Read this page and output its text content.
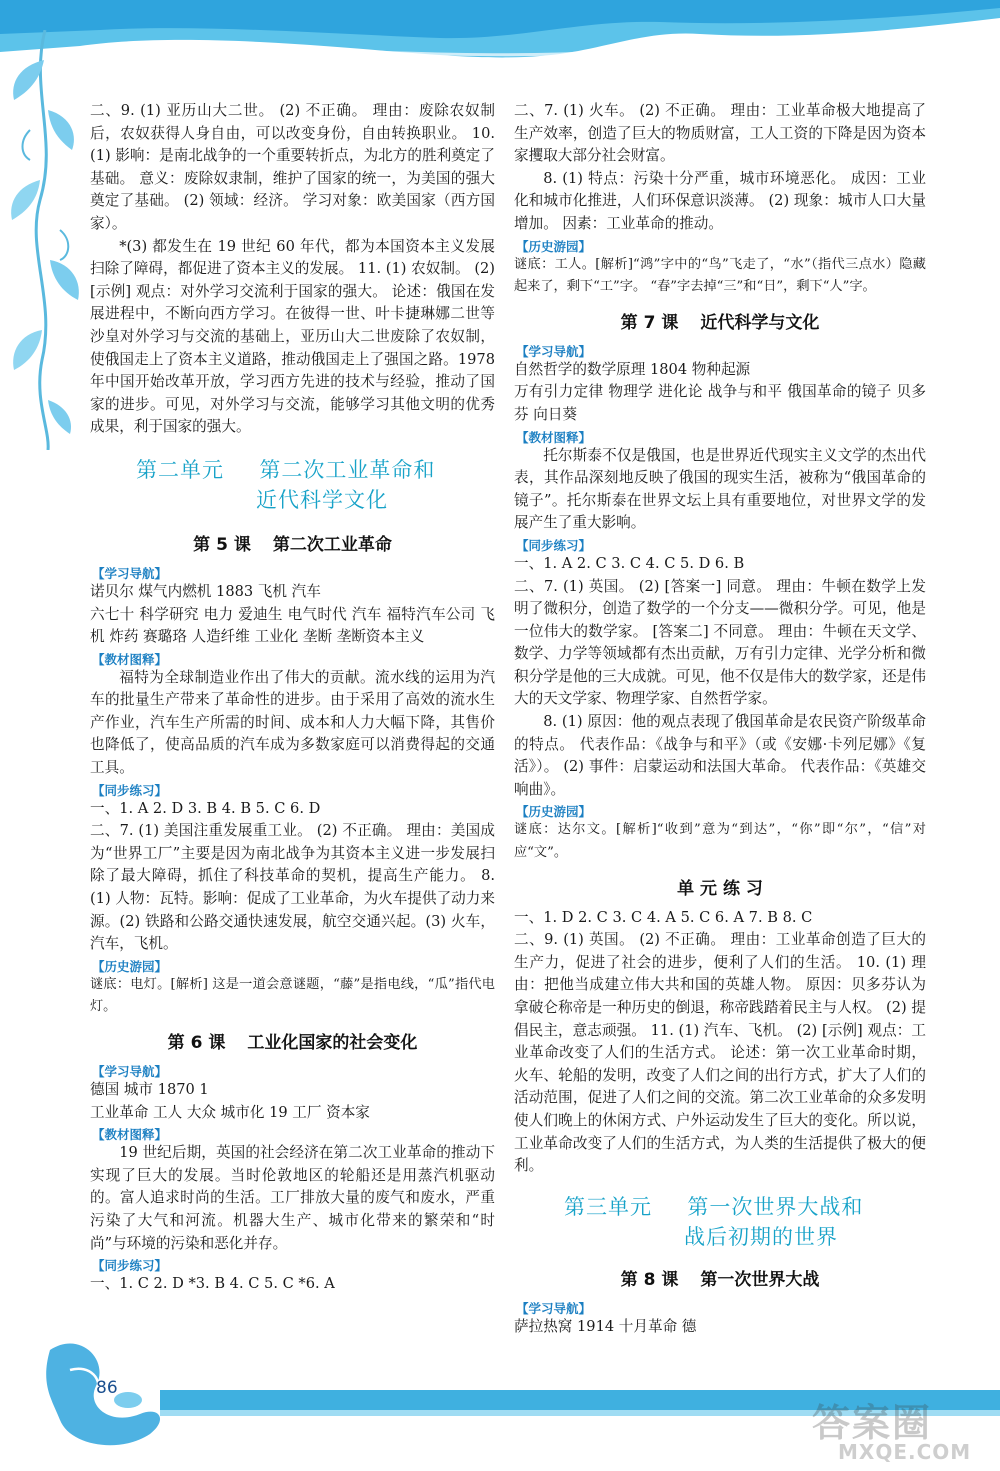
86

二、9. (1) 亚历山大二世。 (2) 不正确。 理由：废除农奴制后，农奴获得人身自由，可以改变身份，自由转换职业。 10. (1) 影响：是南北战争的一个重要转折点，为北方的胜利奠定了基础。 意义：废除奴隶制，维护了国家的统一，为美国的强大奠定了基础。 (2) 领域：经济。 学习对象：欧美国家（西方国家）。

*(3) 都发生在 19 世纪 60 年代，都为本国资本主义发展扫除了障碍，都促进了资本主义的发展。 11. (1) 农奴制。 (2) [示例] 观点：对外学习交流利于国家的强大。 论述：俄国在发展进程中，不断向西方学习。在彼得一世、叶卡捷琳娜二世等沙皇对外学习与交流的基础上，亚历山大二世废除了农奴制，使俄国走上了资本主义道路，推动俄国走上了强国之路。1978 年中国开始改革开放，学习西方先进的技术与经验，推动了国家的进步。可见，对外学习与交流，能够学习其他文明的优秀成果，利于国家的强大。

第二单元 第二次工业革命和
近代科学文化
第 5 课 第二次工业革命
【 学习导航 】

诺贝尔 煤气内燃机 1883 飞机 汽车

六七十 科学研究 电力 爱迪生 电气时代 汽车 福特汽车公司 飞机 炸药 赛璐珞 人造纤维 工业化 垄断 垄断资本主义

【 教材图释 】

福特为全球制造业作出了伟大的贡献。流水线的运用为汽车的批量生产带来了革命性的进步。由于采用了高效的流水生产作业，汽车生产所需的时间、成本和人力大幅下降，其售价也降低了，使高品质的汽车成为多数家庭可以消费得起的交通工具。

【 同步练习 】

一、1. A 2. D 3. B 4. B 5. C 6. D

二、7. (1) 美国注重发展重工业。 (2) 不正确。 理由：美国成为“世界工厂”主要是因为南北战争为其资本主义进一步发展扫除了最大障碍，抓住了科技革命的契机，提高生产能力。 8. (1) 人物：瓦特。影响：促成了工业革命，为火车提供了动力来源。(2) 铁路和公路交通快速发展，航空交通兴起。(3) 火车，汽车，飞机。

【 历史游园 】

谜底：电灯。[解析] 这是一道会意谜题，“藤”是指电线，“瓜”指代电灯。

第 6 课 工业化国家的社会变化
【 学习导航 】

德国 城市 1870 1

工业革命 工人 大众 城市化 19 工厂 资本家

【 教材图释 】

19 世纪后期，英国的社会经济在第二次工业革命的推动下实现了巨大的发展。当时伦敦地区的轮船还是用蒸汽机驱动的。富人追求时尚的生活。工厂排放大量的废气和废水，严重污染了大气和河流。机器大生产、城市化带来的繁荣和“时尚”与环境的污染和恶化并存。

【 同步练习 】

一、1. C 2. D *3. B 4. C 5. C *6. A

二、7. (1) 火车。 (2) 不正确。 理由：工业革命极大地提高了生产效率，创造了巨大的物质财富，工人工资的下降是因为资本家攫取大部分社会财富。

8. (1) 特点：污染十分严重，城市环境恶化。 成因：工业化和城市化推进，人们环保意识淡薄。 (2) 现象：城市人口大量增加。 因素：工业革命的推动。

【 历史游园 】

谜底：工人。[解析]“鸿”字中的“鸟”飞走了，“水”（指代三点水）隐藏起来了，剩下“工”字。 “春”字去掉“三”和“日”，剩下“人”字。

第 7 课 近代科学与文化
【 学习导航 】

自然哲学的数学原理 1804 物种起源

万有引力定律 物理学 进化论 战争与和平 俄国革命的镜子 贝多芬 向日葵

【 教材图释 】

托尔斯泰不仅是俄国，也是世界近代现实主义文学的杰出代表，其作品深刻地反映了俄国的现实生活，被称为“俄国革命的镜子”。托尔斯泰在世界文坛上具有重要地位，对世界文学的发展产生了重大影响。

【 同步练习 】

一、1. A 2. C 3. C 4. C 5. D 6. B

二、7. (1) 英国。 (2) [答案一] 同意。 理由：牛顿在数学上发明了微积分，创造了数学的一个分支——微积分学。可见，他是一位伟大的数学家。 [答案二] 不同意。 理由：牛顿在天文学、数学、力学等领域都有杰出贡献，万有引力定律、光学分析和微积分学是他的三大成就。可见，他不仅是伟大的数学家，还是伟大的天文学家、物理学家、自然哲学家。

8. (1) 原因：他的观点表现了俄国革命是农民资产阶级革命的特点。 代表作品：《战争与和平》（或《安娜·卡列尼娜》《复活》）。 (2) 事件：启蒙运动和法国大革命。 代表作品：《英雄交响曲》。

【 历史游园 】

谜底：达尔文。[解析]“收到”意为“到达”，“你”即“尔”，“信”对应“文”。

单 元 练 习

一、1. D 2. C 3. C 4. A 5. C 6. A 7. B 8. C

二、9. (1) 英国。 (2) 不正确。 理由：工业革命创造了巨大的生产力，促进了社会的进步，便利了人们的生活。 10. (1) 理由：把他当成建立伟大共和国的英雄人物。 原因：贝多芬认为拿破仑称帝是一种历史的倒退，称帝践踏着民主与人权。 (2) 提倡民主，意志顽强。 11. (1) 汽车、飞机。 (2) [示例] 观点：工业革命改变了人们的生活方式。 论述：第一次工业革命时期，火车、轮船的发明，改变了人们之间的出行方式，扩大了人们的活动范围，促进了人们之间的交流。第二次工业革命的众多发明使人们晚上的休闲方式、户外运动发生了巨大的变化。所以说，工业革命改变了人们的生活方式，为人类的生活提供了极大的便利。

第三单元 第一次世界大战和
战后初期的世界
第 8 课 第一次世界大战
【 学习导航 】

萨拉热窝 1914 十月革命 德

答案圈
MXQE.COM
